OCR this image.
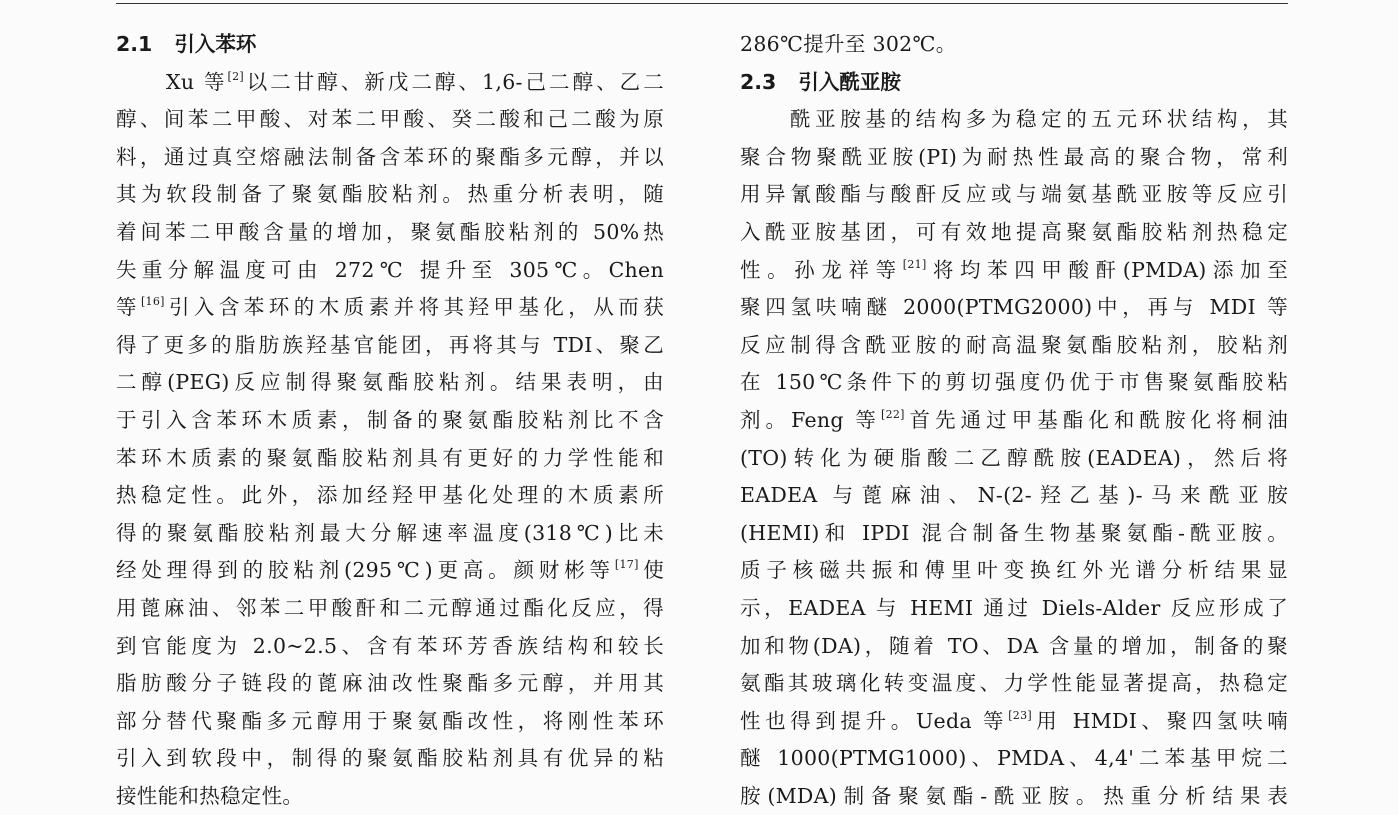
2.1 引入苯环
Xu 等[2]以二甘醇、新戊二醇、1,6-己二醇、乙二
醇、间苯二甲酸、对苯二甲酸、癸二酸和己二酸为原
料，通过真空熔融法制备含苯环的聚酯多元醇，并以
其为软段制备了聚氨酯胶粘剂。热重分析表明，随
着间苯二甲酸含量的增加，聚氨酯胶粘剂的 50%热
失重分解温度可由 272℃ 提升至 305℃。Chen
等[16]引入含苯环的木质素并将其羟甲基化，从而获
得了更多的脂肪族羟基官能团，再将其与 TDI、聚乙
二醇(PEG)反应制得聚氨酯胶粘剂。结果表明，由
于引入含苯环木质素，制备的聚氨酯胶粘剂比不含
苯环木质素的聚氨酯胶粘剂具有更好的力学性能和
热稳定性。此外，添加经羟甲基化处理的木质素所
得的聚氨酯胶粘剂最大分解速率温度(318℃)比未
经处理得到的胶粘剂(295℃)更高。颜财彬等[17]使
用蓖麻油、邻苯二甲酸酐和二元醇通过酯化反应，得
到官能度为 2.0~2.5、含有苯环芳香族结构和较长
脂肪酸分子链段的蓖麻油改性聚酯多元醇，并用其
部分替代聚酯多元醇用于聚氨酯改性，将刚性苯环
引入到软段中，制得的聚氨酯胶粘剂具有优异的粘
接性能和热稳定性。
286℃提升至 302℃。
2.3 引入酰亚胺
酰亚胺基的结构多为稳定的五元环状结构，其
聚合物聚酰亚胺(PI)为耐热性最高的聚合物，常利
用异氰酸酯与酸酐反应或与端氨基酰亚胺等反应引
入酰亚胺基团，可有效地提高聚氨酯胶粘剂热稳定
性。孙龙祥等[21]将均苯四甲酸酐(PMDA)添加至
聚四氢呋喃醚 2000(PTMG2000)中，再与 MDI 等
反应制得含酰亚胺的耐高温聚氨酯胶粘剂，胶粘剂
在 150℃条件下的剪切强度仍优于市售聚氨酯胶粘
剂。Feng 等[22]首先通过甲基酯化和酰胺化将桐油
(TO)转化为硬脂酸二乙醇酰胺(EADEA)，然后将
EADEA 与蓖麻油、N-(2-羟乙基)-马来酰亚胺
(HEMI)和 IPDI 混合制备生物基聚氨酯-酰亚胺。
质子核磁共振和傅里叶变换红外光谱分析结果显
示，EADEA 与 HEMI 通过 Diels-Alder 反应形成了
加和物(DA)，随着 TO、DA 含量的增加，制备的聚
氨酯其玻璃化转变温度、力学性能显著提高，热稳定
性也得到提升。Ueda 等[23]用 HMDI、聚四氢呋喃
醚 1000(PTMG1000)、PMDA、4,4'二苯基甲烷二
胺(MDA)制备聚氨酯-酰亚胺。热重分析结果表
